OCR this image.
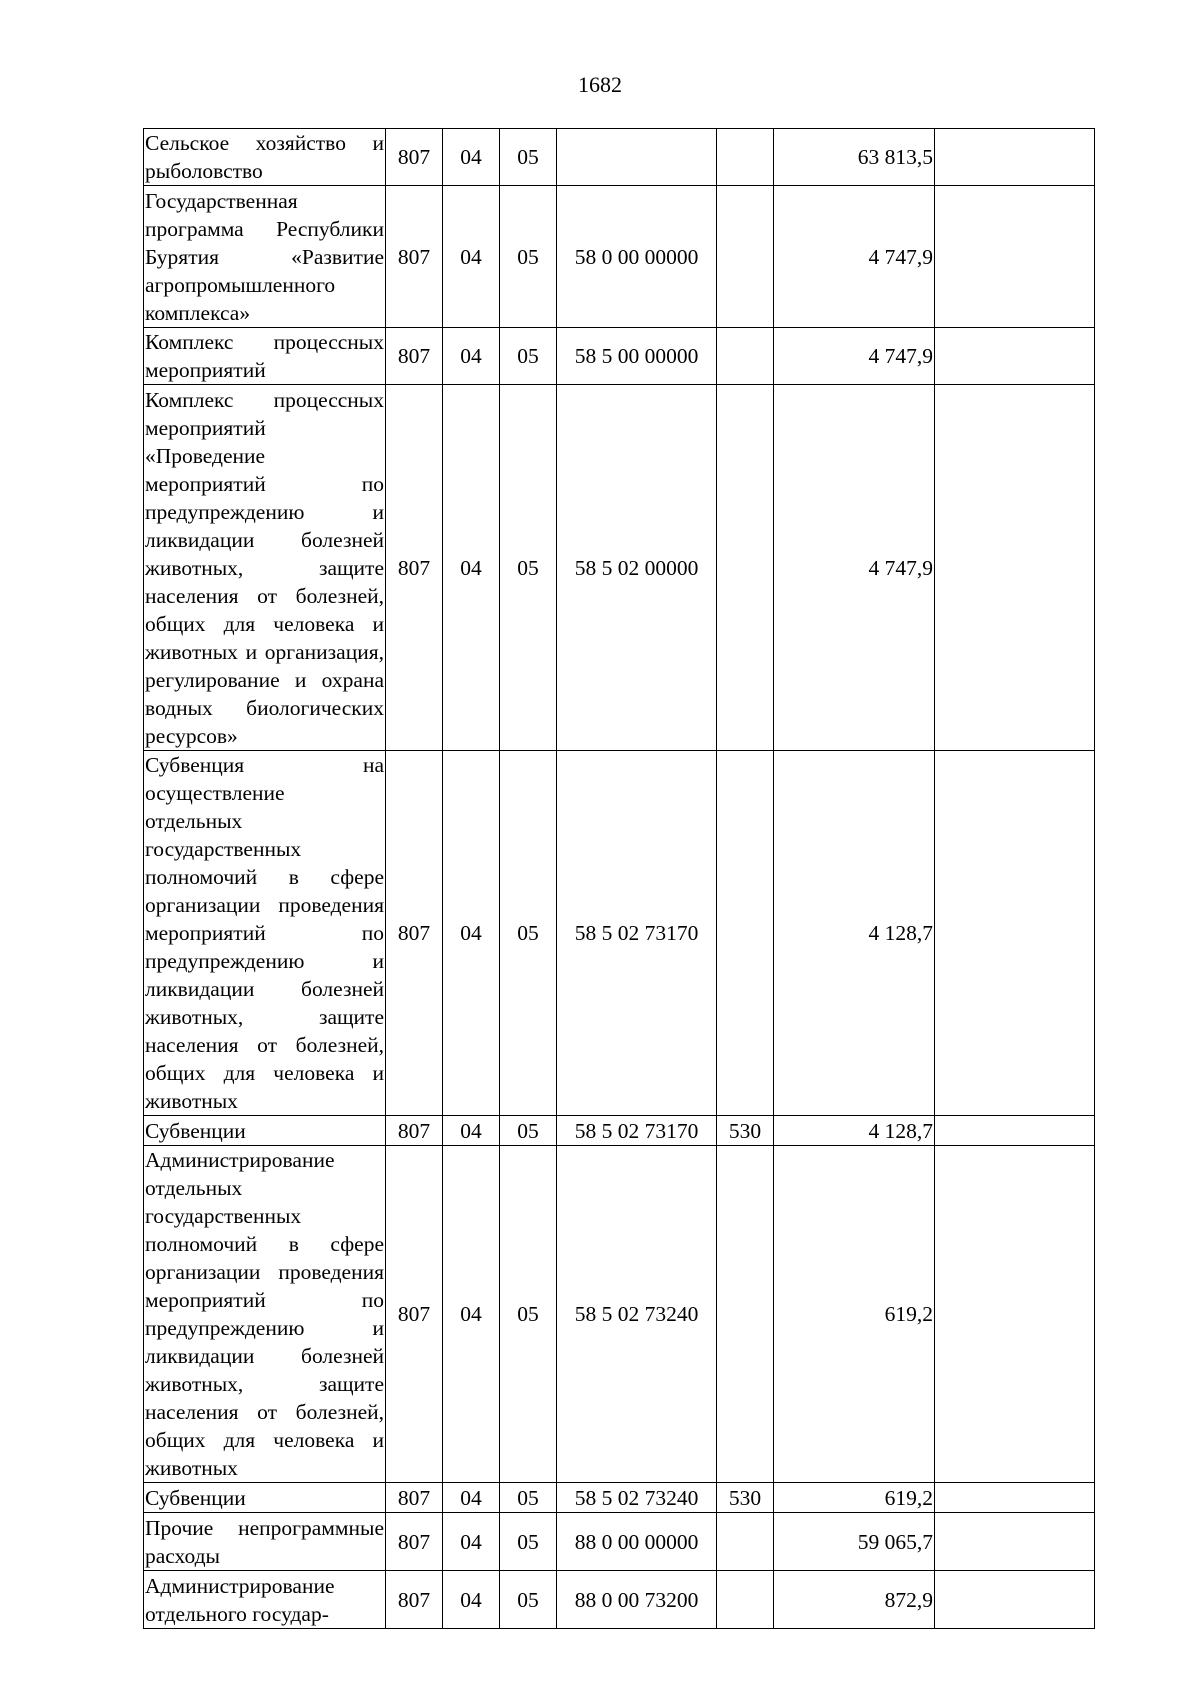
1682
Сельское хозяйство и рыболовство	807	04	05			63 813,5	
Государственная программа Республики Бурятия «Развитие агропромышленного комплекса»	807	04	05	58 0 00 00000		4 747,9	
Комплекс процессных мероприятий	807	04	05	58 5 00 00000		4 747,9	
Комплекс процессных мероприятий «Проведение мероприятий по предупреждению и ликвидации болезней животных, защите населения от болезней, общих для человека и животных и организация, регулирование и охрана водных биологических ресурсов»	807	04	05	58 5 02 00000		4 747,9	
Субвенция на осуществление отдельных государственных полномочий в сфере организации проведения мероприятий по предупреждению и ликвидации болезней животных, защите населения от болезней, общих для человека и животных	807	04	05	58 5 02 73170		4 128,7	
Субвенции	807	04	05	58 5 02 73170	530	4 128,7	
Администрирование отдельных государственных полномочий в сфере организации проведения мероприятий по предупреждению и ликвидации болезней животных, защите населения от болезней, общих для человека и животных	807	04	05	58 5 02 73240		619,2	
Субвенции	807	04	05	58 5 02 73240	530	619,2	
Прочие непрограммные расходы	807	04	05	88 0 00 00000		59 065,7	
Администрирование отдельного государ-	807	04	05	88 0 00 73200		872,9	
